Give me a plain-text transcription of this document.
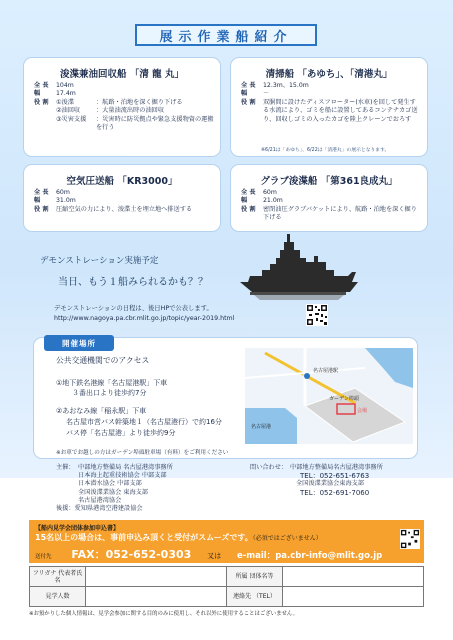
展示作業船紹介
浚渫兼油回収船 「清 龍 丸」
全 長	104m
幅	17.4m
役 割	①浚渫	：航路・泊地を深く掘り下げる
②油回収	：大量油流出時の油回収
③災害支援	：災害時に防災拠点や緊急支援物資の運搬を行う
清掃船 「あゆち」、「清港丸」
全 長	12.3m、15.0m
幅	－
役 割	双胴間に設けたディスフローター(水車)を回して発生する水流により、ゴミを船に設置してあるコンテナカゴ送り、回収しゴミの入ったカゴを陸上クレーンでおろす
※6/21は「あゆち」、6/22は「清港丸」の展示となります。
空気圧送船 「KR3000」
全 長	60m
幅	31.0m
役 割	圧縮空気の力により、浚渫土を埋立地へ排送する
グラブ浚渫船 「第361良成丸」
全 長	60m
幅	21.0m
役 割	密閉油圧グラブバケットにより、航路・泊地を深く掘り下げる
デモンストレーション実施予定
当日、もう１船みられるかも？？
デモンストレーションの日程は、後日HPで公表します。
http://www.nagoya.pa.cbr.mlit.go.jp/topic/year-2019.html
開催場所
公共交通機関でのアクセス
①地下鉄名港線「名古屋港駅」下車
３番出口より徒歩約7分
②あおなみ線「稲永駅」下車
名古屋市営バス幹築地１（名古屋港行）で約16分
バス停「名古屋港」より徒歩約9分
名古屋港駅
ガーデン埠頭
名古屋港
会場
※お車でお越しの方はガーデン埠頭駐車場（有料）をご利用ください
主催： 中部地方整備局 名古屋港湾事務所
日本海上起重技術協会 中部支部
日本潜水協会 中部支部
全国浚渫業協会 東海支部
名古屋港湾協会
後援：愛知県港湾空港建設協会
問い合わせ： 中部地方整備局名古屋港湾事務所
TEL：052-651-6763
全国浚渫業協会東海支部
TEL：052-691-7060
【船内見学会団体参加申込書】
15名以上の場合は、事前申込み頂くと受付がスムーズです。（必須ではございません）
送付先 FAX：052-652-0303 又は e-mail：pa.cbr-info@mlit.go.jp
フリガナ 代表者氏名		所属 団体名等	
見学人数		連絡先 （TEL）	
※お預かりした個人情報は、見学会参加に関する目的のみに使用し、それ以外に使用することはございません。
